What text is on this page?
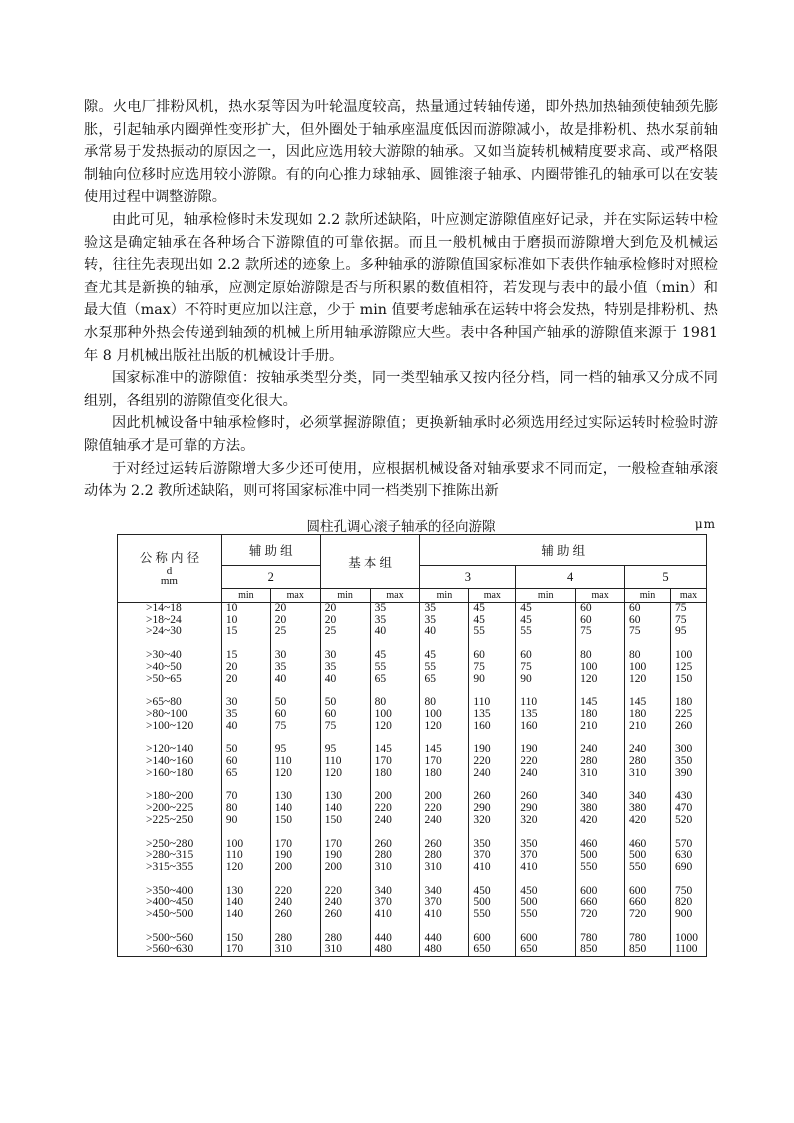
隙。火电厂排粉风机，热水泵等因为叶轮温度较高，热量通过转轴传递，即外热加热轴颈使轴颈先膨胀，引起轴承内圈弹性变形扩大，但外圈处于轴承座温度低因而游隙减小，故是排粉机、热水泵前轴承常易于发热振动的原因之一，因此应选用较大游隙的轴承。又如当旋转机械精度要求高、或严格限制轴向位移时应选用较小游隙。有的向心推力球轴承、圆锥滚子轴承、内圈带锥孔的轴承可以在安装使用过程中调整游隙。

由此可见，轴承检修时未发现如 2.2 款所述缺陷，叶应测定游隙值座好记录，并在实际运转中检验这是确定轴承在各种场合下游隙值的可靠依据。而且一般机械由于磨损而游隙增大到危及机械运转，往往先表现出如 2.2 款所述的迹象上。多种轴承的游隙值国家标准如下表供作轴承检修时对照检查尤其是新换的轴承，应测定原始游隙是否与所积累的数值相符，若发现与表中的最小值（min）和最大值（max）不符时更应加以注意，少于 min 值要考虑轴承在运转中将会发热，特别是排粉机、热水泵那种外热会传递到轴颈的机械上所用轴承游隙应大些。表中各种国产轴承的游隙值来源于 1981 年 8 月机械出版社出版的机械设计手册。

国家标准中的游隙值：按轴承类型分类，同一类型轴承又按内径分档，同一档的轴承又分成不同组别，各组别的游隙值变化很大。

因此机械设备中轴承检修时，必须掌握游隙值；更换新轴承时必须选用经过实际运转时检验时游隙值轴承才是可靠的方法。

于对经过运转后游隙增大多少还可使用，应根据机械设备对轴承要求不同而定，一般检查轴承滚动体为 2.2 教所述缺陷，则可将国家标准中同一档类别下推陈出新

圆柱孔调心滚子轴承的径向游隙	μm
公 称 内 径
d
mm	辅 助 组		基 本 组		辅 助 组					
	2				3		4		5	
	min	max	min	max	min	max	min	max	min	max
>14~18	10	20	20	35	35	45	45	60	60	75
>18~24	10	20	20	35	35	45	45	60	60	75
>24~30	15	25	25	40	40	55	55	75	75	95

>30~40	15	30	30	45	45	60	60	80	80	100
>40~50	20	35	35	55	55	75	75	100	100	125
>50~65	20	40	40	65	65	90	90	120	120	150

>65~80	30	50	50	80	80	110	110	145	145	180
>80~100	35	60	60	100	100	135	135	180	180	225
>100~120	40	75	75	120	120	160	160	210	210	260

>120~140	50	95	95	145	145	190	190	240	240	300
>140~160	60	110	110	170	170	220	220	280	280	350
>160~180	65	120	120	180	180	240	240	310	310	390

>180~200	70	130	130	200	200	260	260	340	340	430
>200~225	80	140	140	220	220	290	290	380	380	470
>225~250	90	150	150	240	240	320	320	420	420	520

>250~280	100	170	170	260	260	350	350	460	460	570
>280~315	110	190	190	280	280	370	370	500	500	630
>315~355	120	200	200	310	310	410	410	550	550	690

>350~400	130	220	220	340	340	450	450	600	600	750
>400~450	140	240	240	370	370	500	500	660	660	820
>450~500	140	260	260	410	410	550	550	720	720	900

>500~560	150	280	280	440	440	600	600	780	780	1000
>560~630	170	310	310	480	480	650	650	850	850	1100
